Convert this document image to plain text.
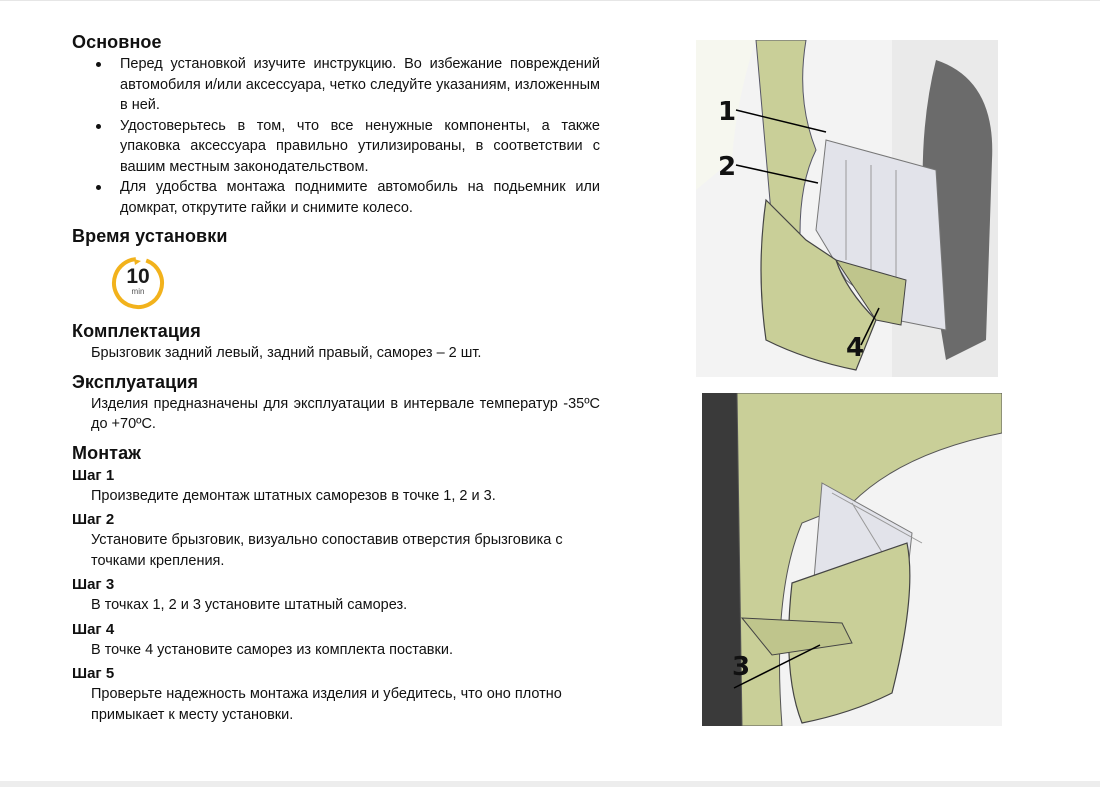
Основное
Перед установкой изучите инструкцию. Во избежание повреждений автомобиля и/или аксессуара, четко следуйте указаниям, изложенным в ней.
Удостоверьтесь в том, что все ненужные компоненты, а также упаковка аксессуара правильно утилизированы, в соответствии с вашим местным законодательством.
Для удобства монтажа поднимите автомобиль на подьемник или домкрат, открутите гайки и снимите колесо.
Время установки
10
min
Комплектация

Брызговик задний левый, задний правый, саморез – 2 шт.

Эксплуатация

Изделия предназначены для эксплуатации в интервале температур -35ºС до +70ºС.

Монтаж
Шаг 1

Произведите демонтаж штатных саморезов в точке 1, 2 и 3.

Шаг 2

Установите брызговик, визуально сопоставив отверстия брызговика с точками крепления.

Шаг 3

В точках 1, 2 и 3 установите штатный саморез.

Шаг 4

В точке 4 установите саморез из комплекта поставки.

Шаг 5

Проверьте надежность монтажа изделия и убедитесь, что оно плотно примыкает к месту установки.

1
2
4
3
